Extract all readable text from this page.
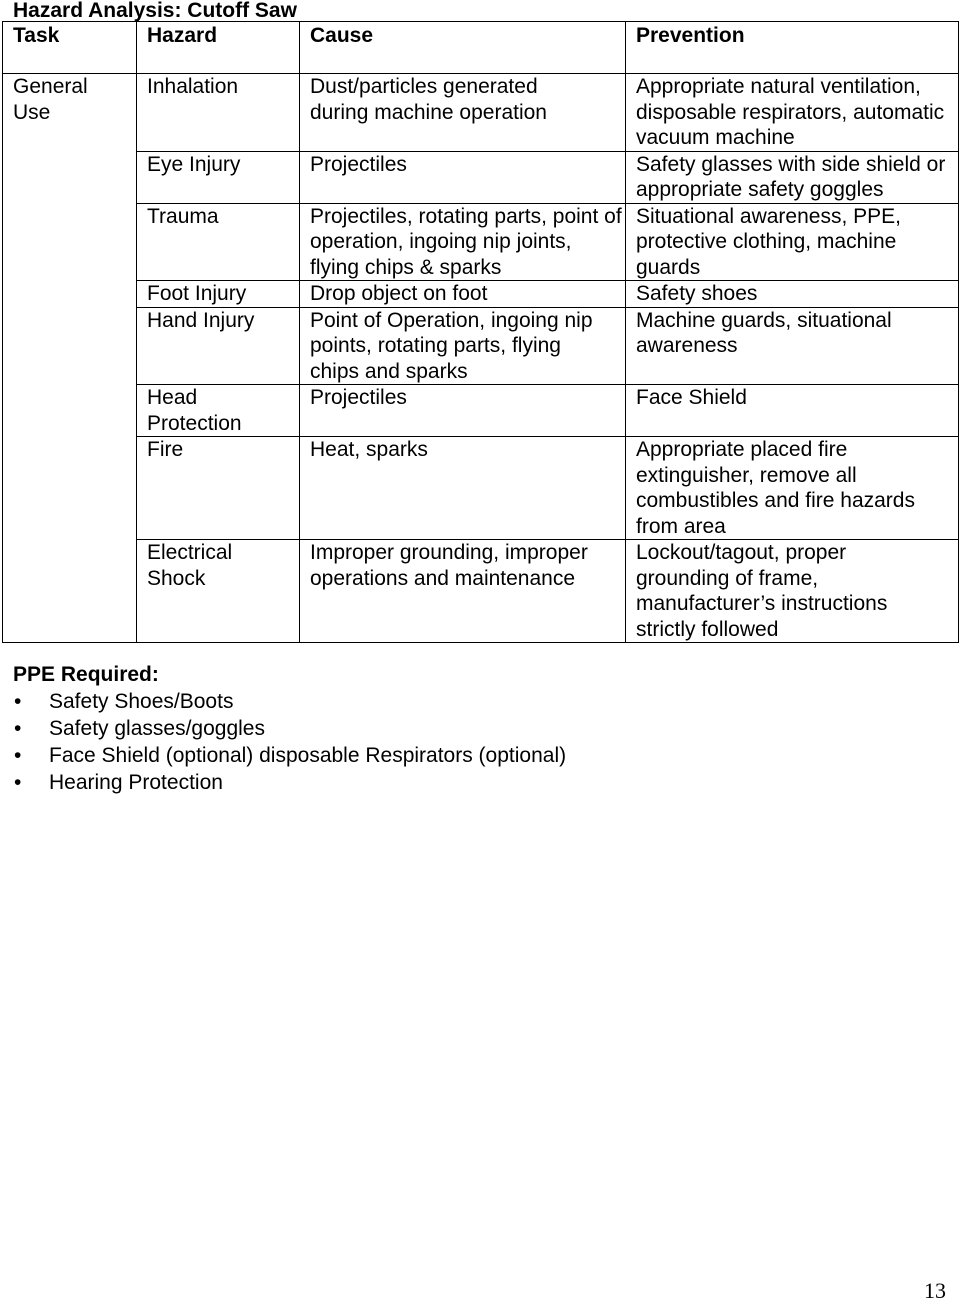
Hazard Analysis: Cutoff Saw
Task	Hazard	Cause	Prevention

General Use	Inhalation	Dust/particles generated during machine operation	Appropriate natural ventilation, disposable respirators, automatic vacuum machine
	Eye Injury	Projectiles	Safety glasses with side shield or appropriate safety goggles
	Trauma	Projectiles, rotating parts, point of operation, ingoing nip joints, flying chips & sparks	Situational awareness, PPE, protective clothing, machine guards
	Foot Injury	Drop object on foot	Safety shoes
	Hand Injury	Point of Operation, ingoing nip points, rotating parts, flying chips and sparks	Machine guards, situational awareness

	Head Protection	Projectiles	Face Shield
	Fire	Heat, sparks	Appropriate placed fire extinguisher, remove all combustibles and fire hazards from area

	Electrical Shock	Improper grounding, improper operations and maintenance	Lockout/tagout, proper grounding of frame, manufacturer’s instructions strictly followed
PPE Required:
• Safety Shoes/Boots
• Safety glasses/goggles
• Face Shield (optional) disposable Respirators (optional)
• Hearing Protection
13
